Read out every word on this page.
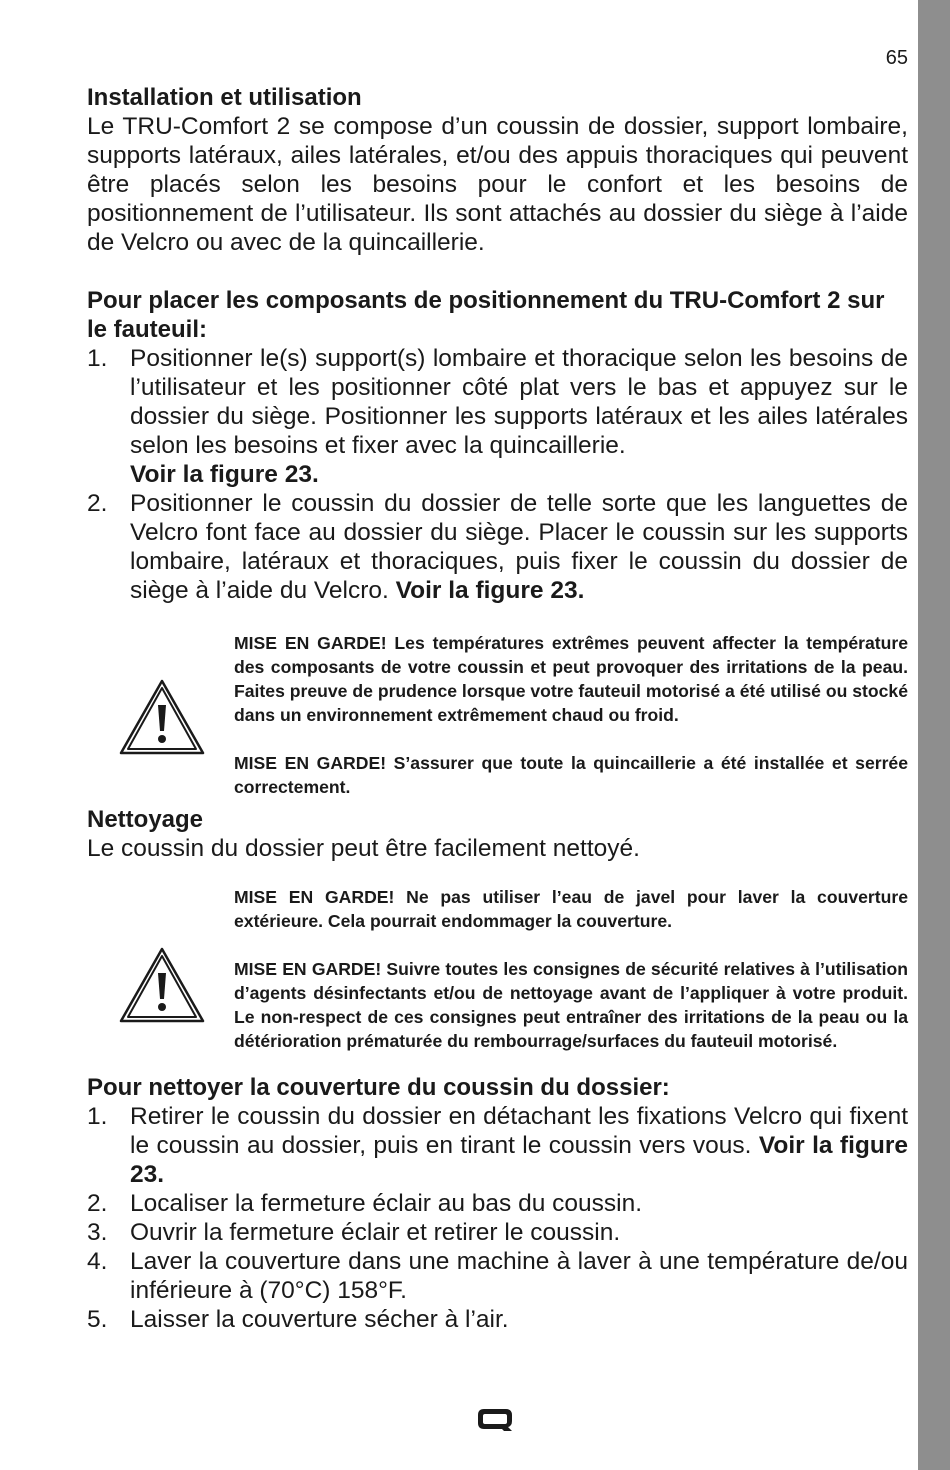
65
Installation et utilisation
Le TRU-Comfort 2 se compose d’un coussin de dossier, support lombaire, supports latéraux, ailes latérales, et/ou des appuis thoraciques qui peuvent être placés selon les besoins pour le confort et les besoins de positionnement de l’utilisateur. Ils sont attachés au dossier du siège à l’aide de Velcro ou avec de la quincaillerie.
Pour placer les composants de positionnement du TRU-Comfort 2 sur le fauteuil:
1. Positionner le(s) support(s) lombaire et thoracique selon les besoins de l’utilisateur et les positionner côté plat vers le bas et appuyez sur le dossier du siège. Positionner les supports latéraux et les ailes latérales selon les besoins et fixer avec la quincaillerie.
Voir la figure 23.
2. Positionner le coussin du dossier de telle sorte que les languettes de Velcro font face au dossier du siège. Placer le coussin sur les supports lombaire, latéraux et thoraciques, puis fixer le coussin du dossier de siège à l’aide du Velcro. Voir la figure 23.
MISE EN GARDE! Les températures extrêmes peuvent affecter la température des composants de votre coussin et peut provoquer des irritations de la peau. Faites preuve de prudence lorsque votre fauteuil motorisé a été utilisé ou stocké dans un environnement extrêmement chaud ou froid.
MISE EN GARDE! S’assurer que toute la quincaillerie a été installée et serrée correctement.
Nettoyage
Le coussin du dossier peut être facilement nettoyé.
MISE EN GARDE! Ne pas utiliser l’eau de javel pour laver la couverture extérieure. Cela pourrait endommager la couverture.
MISE EN GARDE! Suivre toutes les consignes de sécurité relatives à l’utilisation d’agents désinfectants et/ou de nettoyage avant de l’appliquer à votre produit. Le non-respect de ces consignes peut entraîner des irritations de la peau ou la détérioration prématurée du rembourrage/surfaces du fauteuil motorisé.
Pour nettoyer la couverture du coussin du dossier:
1. Retirer le coussin du dossier en détachant les fixations Velcro qui fixent le coussin au dossier, puis en tirant le coussin vers vous. Voir la figure 23.
2. Localiser la fermeture éclair au bas du coussin.
3. Ouvrir la fermeture éclair et retirer le coussin.
4. Laver la couverture dans une machine à laver à une température de/ou inférieure à (70°C) 158°F.
5. Laisser la couverture sécher à l’air.
